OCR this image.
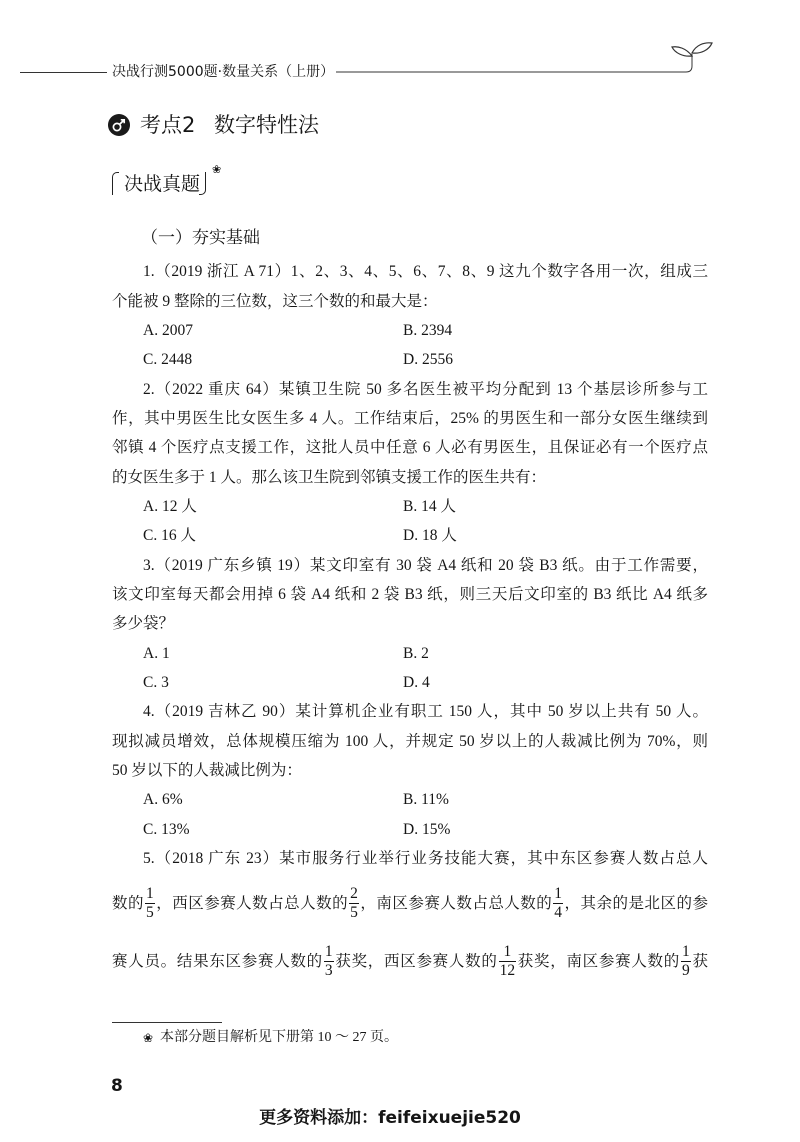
决战行测5000题·数量关系（上册）
考点2 数字特性法
决战真题
❀
（一）夯实基础
1.（2019 浙江 A 71）1、2、3、4、5、6、7、8、9 这九个数字各用一次，组成三
个能被 9 整除的三位数，这三个数的和最大是：
A. 2007	B. 2394
C. 2448	D. 2556
2.（2022 重庆 64）某镇卫生院 50 多名医生被平均分配到 13 个基层诊所参与工
作，其中男医生比女医生多 4 人。工作结束后，25% 的男医生和一部分女医生继续到
邻镇 4 个医疗点支援工作，这批人员中任意 6 人必有男医生，且保证必有一个医疗点
的女医生多于 1 人。那么该卫生院到邻镇支援工作的医生共有：
A. 12 人	B. 14 人
C. 16 人	D. 18 人
3.（2019 广东乡镇 19）某文印室有 30 袋 A4 纸和 20 袋 B3 纸。由于工作需要，
该文印室每天都会用掉 6 袋 A4 纸和 2 袋 B3 纸，则三天后文印室的 B3 纸比 A4 纸多
多少袋？
A. 1	B. 2
C. 3	D. 4
4.（2019 吉林乙 90）某计算机企业有职工 150 人，其中 50 岁以上共有 50 人。
现拟减员增效，总体规模压缩为 100 人，并规定 50 岁以上的人裁减比例为 70%，则
50 岁以下的人裁减比例为：
A. 6%	B. 11%
C. 13%	D. 15%
5.（2018 广东 23）某市服务行业举行业务技能大赛，其中东区参赛人数占总人
数的 $\frac{1}{5}$ ，西区参赛人数占总人数的 $\frac{2}{5}$ ，南区参赛人数占总人数的 $\frac{1}{4}$ ，其余的是北区的参
赛人员。结果东区参赛人数的 $\frac{1}{3}$ 获奖，西区参赛人数的 $\frac{1}{12}$ 获奖，南区参赛人数的 $\frac{1}{9}$ 获
❀ 本部分题目解析见下册第 10 ～ 27 页。
8
更多资料添加：feifeixuejie520
